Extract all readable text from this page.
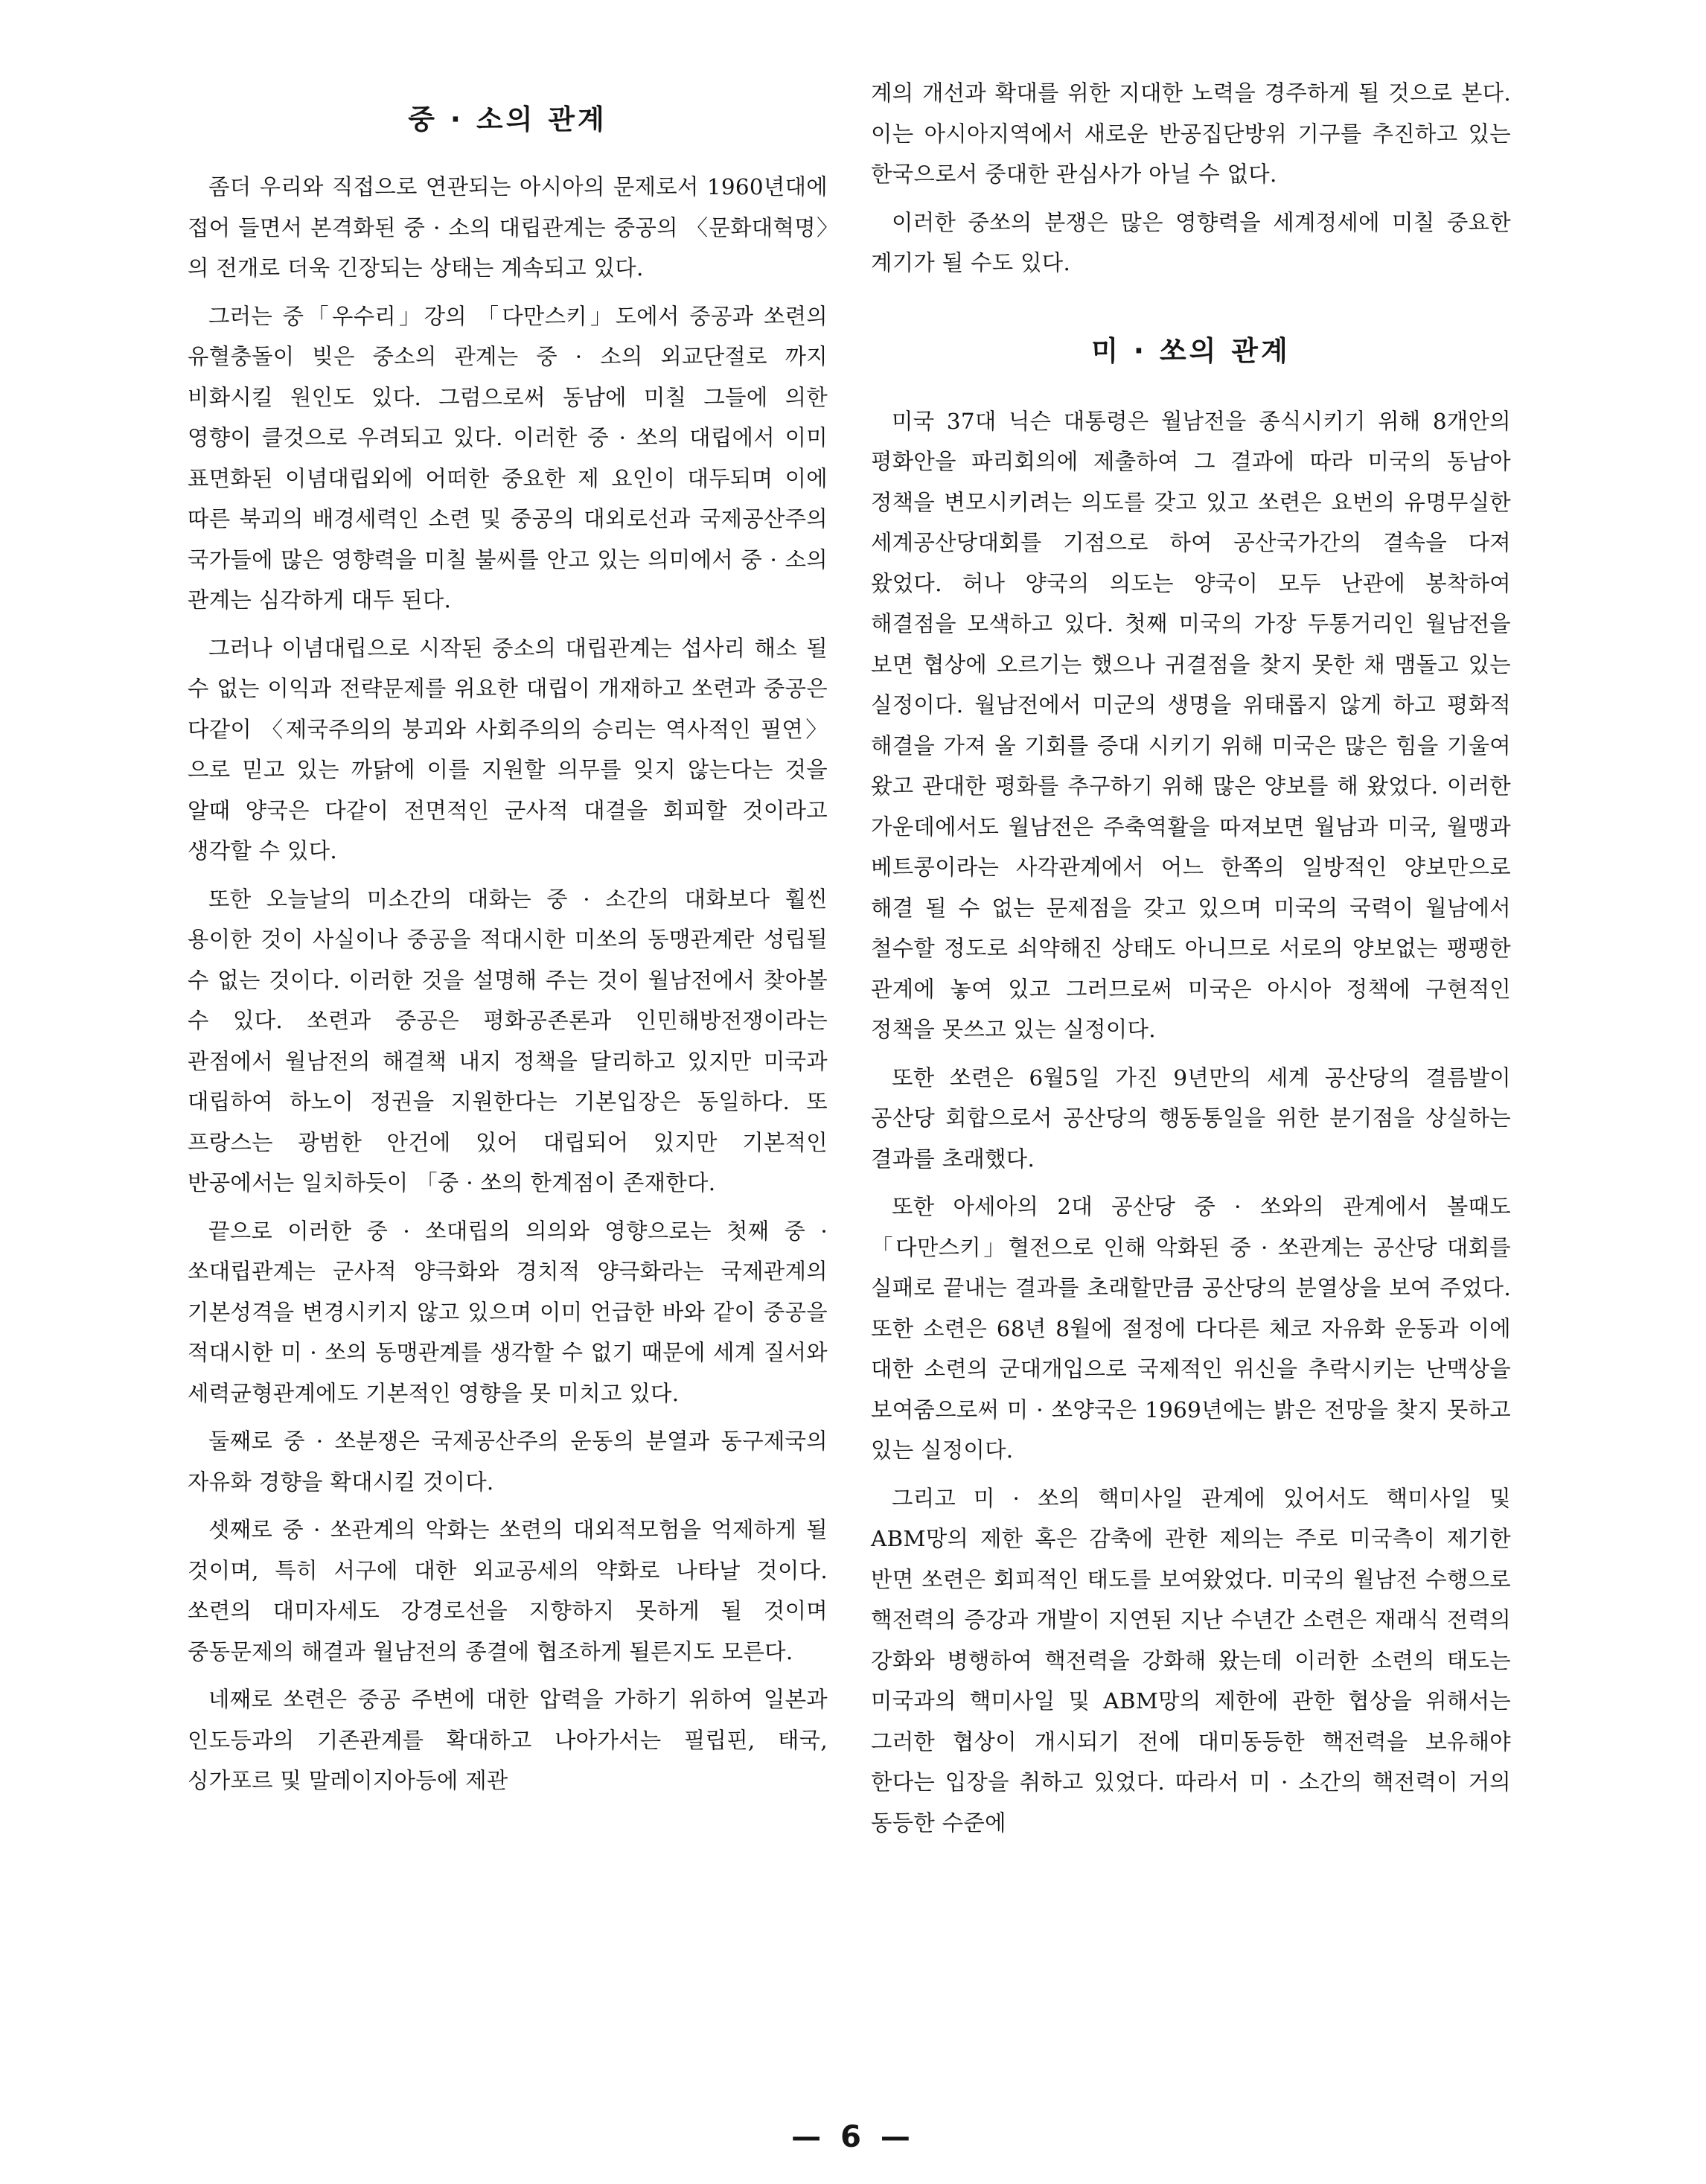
중 · 소의 관계

좀더 우리와 직접으로 연관되는 아시아의 문제로서 1960년대에 접어 들면서 본격화된 중 · 소의 대립관계는 중공의 〈문화대혁명〉의 전개로 더욱 긴장되는 상태는 계속되고 있다.

그러는 중「우수리」강의 「다만스키」도에서 중공과 쏘련의 유혈충돌이 빚은 중소의 관계는 중 · 소의 외교단절로 까지 비화시킬 원인도 있다. 그럼으로써 동남에 미칠 그들에 의한 영향이 클것으로 우려되고 있다. 이러한 중 · 쏘의 대립에서 이미 표면화된 이념대립외에 어떠한 중요한 제 요인이 대두되며 이에 따른 북괴의 배경세력인 소련 및 중공의 대외로선과 국제공산주의 국가들에 많은 영향력을 미칠 불씨를 안고 있는 의미에서 중 · 소의 관계는 심각하게 대두 된다.

그러나 이념대립으로 시작된 중소의 대립관계는 섭사리 해소 될 수 없는 이익과 전략문제를 위요한 대립이 개재하고 쏘련과 중공은 다같이 〈제국주의의 붕괴와 사회주의의 승리는 역사적인 필연〉으로 믿고 있는 까닭에 이를 지원할 의무를 잊지 않는다는 것을 알때 양국은 다같이 전면적인 군사적 대결을 회피할 것이라고 생각할 수 있다.

또한 오늘날의 미소간의 대화는 중 · 소간의 대화보다 훨씬 용이한 것이 사실이나 중공을 적대시한 미쏘의 동맹관계란 성립될 수 없는 것이다. 이러한 것을 설명해 주는 것이 월남전에서 찾아볼 수 있다. 쏘련과 중공은 평화공존론과 인민해방전쟁이라는 관점에서 월남전의 해결책 내지 정책을 달리하고 있지만 미국과 대립하여 하노이 정권을 지원한다는 기본입장은 동일하다. 또 프랑스는 광범한 안건에 있어 대립되어 있지만 기본적인 반공에서는 일치하듯이 「중 · 쏘의 한계점이 존재한다.

끝으로 이러한 중 · 쏘대립의 의의와 영향으로는 첫째 중 · 쏘대립관계는 군사적 양극화와 경치적 양극화라는 국제관계의 기본성격을 변경시키지 않고 있으며 이미 언급한 바와 같이 중공을 적대시한 미 · 쏘의 동맹관계를 생각할 수 없기 때문에 세계 질서와 세력균형관계에도 기본적인 영향을 못 미치고 있다.

둘째로 중 · 쏘분쟁은 국제공산주의 운동의 분열과 동구제국의 자유화 경향을 확대시킬 것이다.

셋째로 중 · 쏘관계의 악화는 쏘련의 대외적모험을 억제하게 될 것이며, 특히 서구에 대한 외교공세의 약화로 나타날 것이다. 쏘련의 대미자세도 강경로선을 지향하지 못하게 될 것이며 중동문제의 해결과 월남전의 종결에 협조하게 될른지도 모른다.

네째로 쏘련은 중공 주변에 대한 압력을 가하기 위하여 일본과 인도등과의 기존관계를 확대하고 나아가서는 필립핀, 태국, 싱가포르 및 말레이지아등에 제관

계의 개선과 확대를 위한 지대한 노력을 경주하게 될 것으로 본다. 이는 아시아지역에서 새로운 반공집단방위 기구를 추진하고 있는 한국으로서 중대한 관심사가 아닐 수 없다.

이러한 중쏘의 분쟁은 많은 영향력을 세계정세에 미칠 중요한 계기가 될 수도 있다.

미 · 쏘의 관계

미국 37대 닉슨 대통령은 월남전을 종식시키기 위해 8개안의 평화안을 파리회의에 제출하여 그 결과에 따라 미국의 동남아 정책을 변모시키려는 의도를 갖고 있고 쏘련은 요번의 유명무실한 세계공산당대회를 기점으로 하여 공산국가간의 결속을 다져 왔었다. 허나 양국의 의도는 양국이 모두 난관에 봉착하여 해결점을 모색하고 있다. 첫째 미국의 가장 두통거리인 월남전을 보면 협상에 오르기는 했으나 귀결점을 찾지 못한 채 맴돌고 있는 실정이다. 월남전에서 미군의 생명을 위태롭지 않게 하고 평화적 해결을 가져 올 기회를 증대 시키기 위해 미국은 많은 힘을 기울여 왔고 관대한 평화를 추구하기 위해 많은 양보를 해 왔었다. 이러한 가운데에서도 월남전은 주축역활을 따져보면 월남과 미국, 월맹과 베트콩이라는 사각관계에서 어느 한쪽의 일방적인 양보만으로 해결 될 수 없는 문제점을 갖고 있으며 미국의 국력이 월남에서 철수할 정도로 쇠약해진 상태도 아니므로 서로의 양보없는 팽팽한 관계에 놓여 있고 그러므로써 미국은 아시아 정책에 구현적인 정책을 못쓰고 있는 실정이다.

또한 쏘련은 6월5일 가진 9년만의 세계 공산당의 결름발이 공산당 회합으로서 공산당의 행동통일을 위한 분기점을 상실하는 결과를 초래했다.

또한 아세아의 2대 공산당 중 · 쏘와의 관계에서 볼때도 「다만스키」혈전으로 인해 악화된 중 · 쏘관계는 공산당 대회를 실패로 끝내는 결과를 초래할만큼 공산당의 분열상을 보여 주었다. 또한 소련은 68년 8월에 절정에 다다른 체코 자유화 운동과 이에 대한 소련의 군대개입으로 국제적인 위신을 추락시키는 난맥상을 보여줌으로써 미 · 쏘양국은 1969년에는 밝은 전망을 찾지 못하고 있는 실정이다.

그리고 미 · 쏘의 핵미사일 관계에 있어서도 핵미사일 및 ABM망의 제한 혹은 감축에 관한 제의는 주로 미국측이 제기한 반면 쏘련은 회피적인 태도를 보여왔었다. 미국의 월남전 수행으로 핵전력의 증강과 개발이 지연된 지난 수년간 소련은 재래식 전력의 강화와 병행하여 핵전력을 강화해 왔는데 이러한 소련의 태도는 미국과의 핵미사일 및 ABM망의 제한에 관한 협상을 위해서는 그러한 협상이 개시되기 전에 대미동등한 핵전력을 보유해야 한다는 입장을 취하고 있었다. 따라서 미 · 소간의 핵전력이 거의 동등한 수준에

— 6 —
